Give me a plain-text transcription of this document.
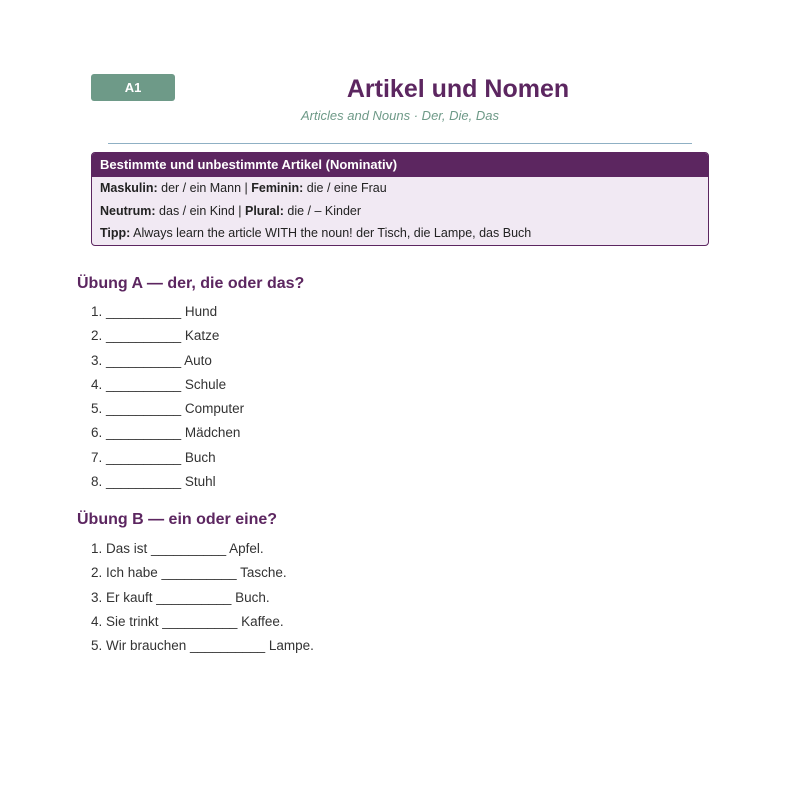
A1	Artikel und Nomen
Articles and Nouns · Der, Die, Das
Bestimmte und unbestimmte Artikel (Nominativ)
Maskulin: der / ein Mann | Feminin: die / eine Frau
Neutrum: das / ein Kind | Plural: die / – Kinder
Tipp: Always learn the article WITH the noun! der Tisch, die Lampe, das Buch
Übung A — der, die oder das?
1. __________ Hund
2. __________ Katze
3. __________ Auto
4. __________ Schule
5. __________ Computer
6. __________ Mädchen
7. __________ Buch
8. __________ Stuhl
Übung B — ein oder eine?
1. Das ist __________ Apfel.
2. Ich habe __________ Tasche.
3. Er kauft __________ Buch.
4. Sie trinkt __________ Kaffee.
5. Wir brauchen __________ Lampe.
